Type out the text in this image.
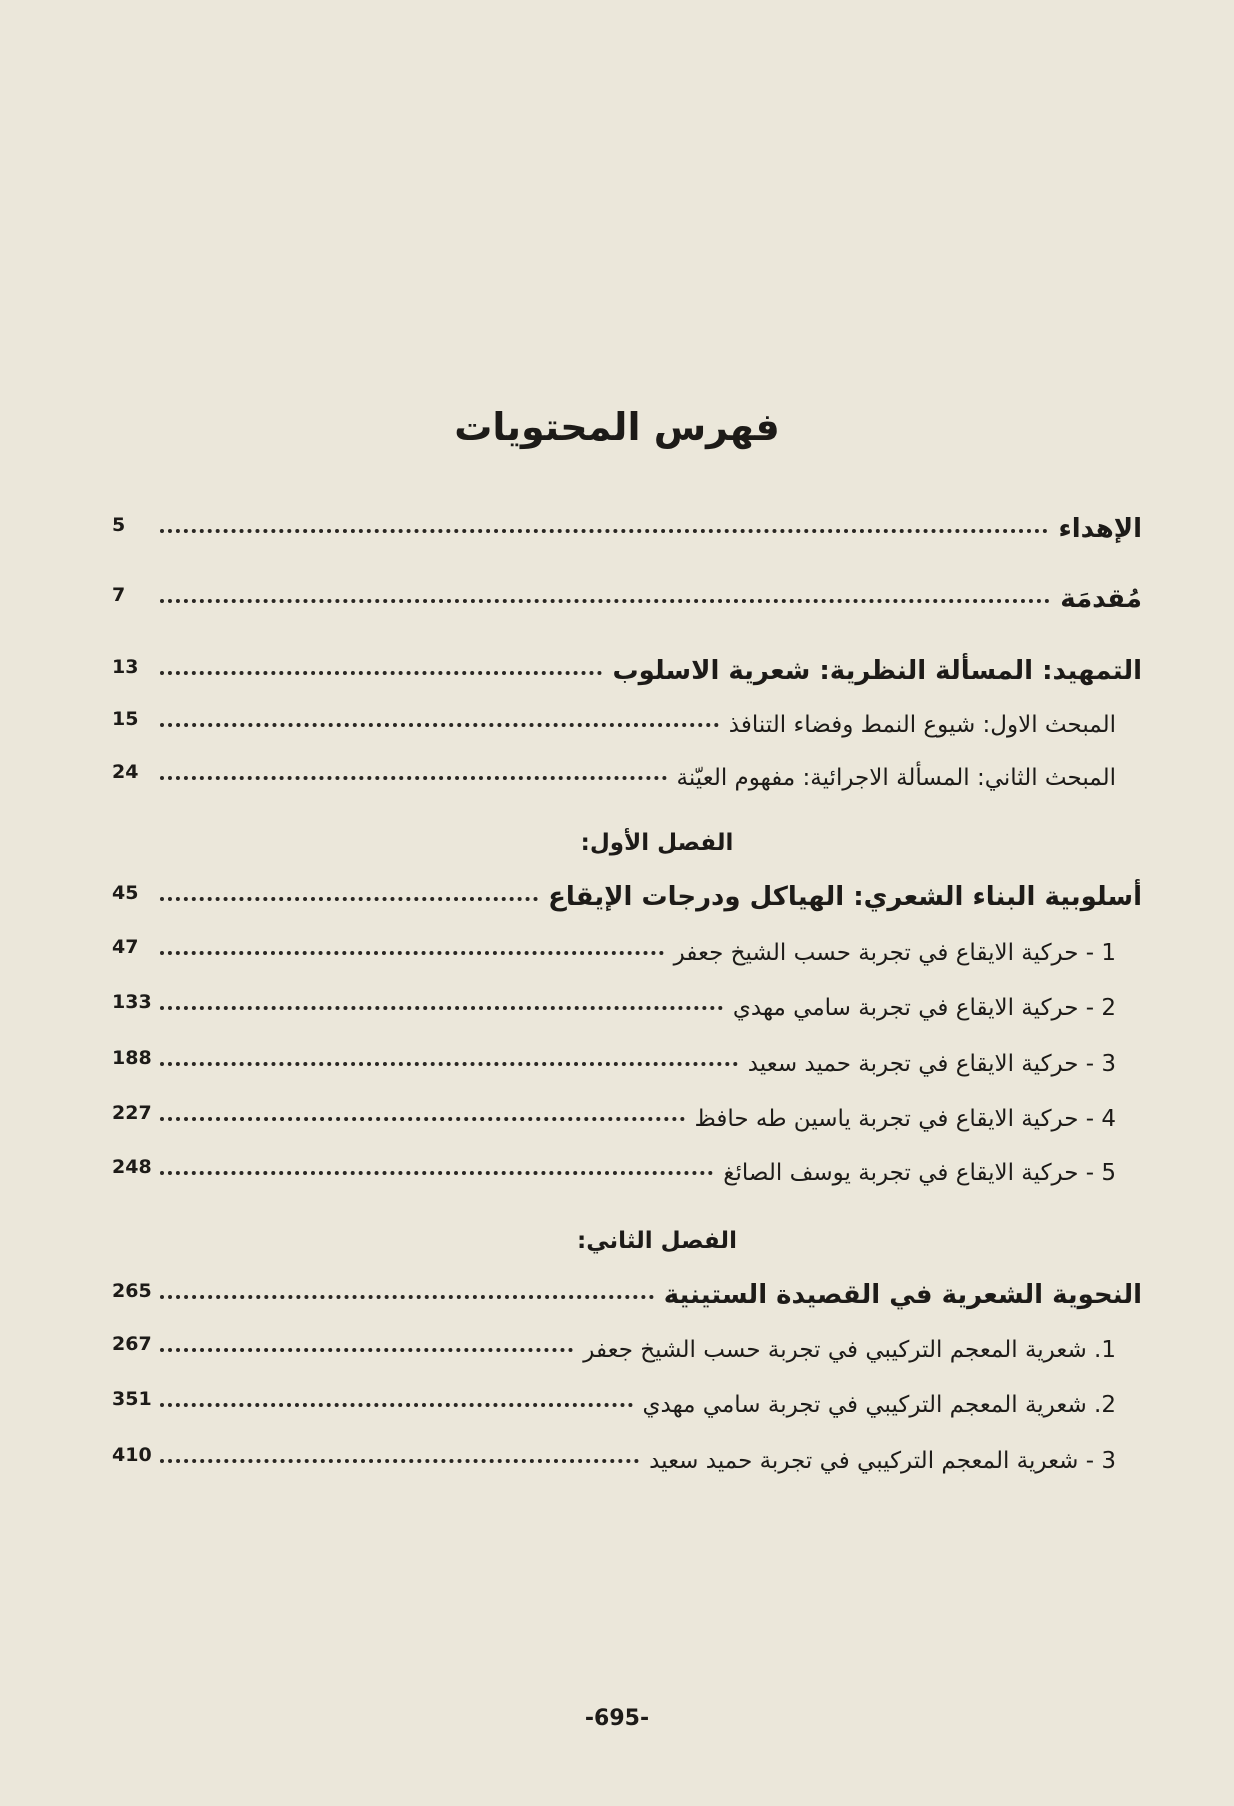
فهرس المحتويات
الإهداء
5
مُقدمَة
7
التمهيد: المسألة النظرية: شعرية الاسلوب
13
المبحث الاول: شيوع النمط وفضاء التنافذ
15
المبحث الثاني: المسألة الاجرائية: مفهوم العيّنة
24
الفصل الأول:
أسلوبية البناء الشعري: الهياكل ودرجات الإيقاع
45
1 - حركية الايقاع في تجربة حسب الشيخ جعفر
47
2 - حركية الايقاع في تجربة سامي مهدي
133
3 - حركية الايقاع في تجربة حميد سعيد
188
4 - حركية الايقاع في تجربة ياسين طه حافظ
227
5 - حركية الايقاع في تجربة يوسف الصائغ
248
الفصل الثاني:
النحوية الشعرية في القصيدة الستينية
265
1. شعرية المعجم التركيبي في تجربة حسب الشيخ جعفر
267
2. شعرية المعجم التركيبي في تجربة سامي مهدي
351
3 - شعرية المعجم التركيبي في تجربة حميد سعيد
410
-695-
